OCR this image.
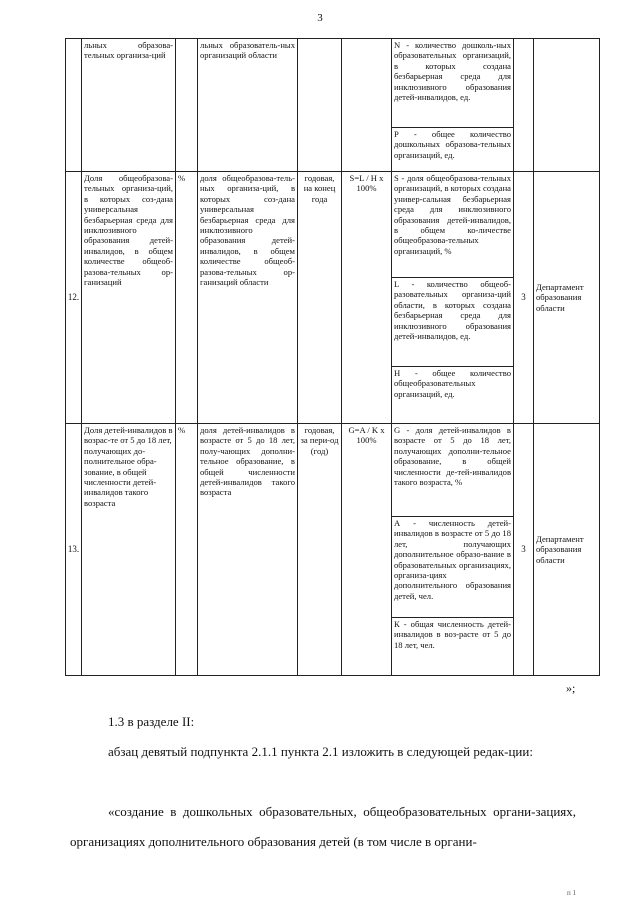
3
	льных образова-тельных организа-ций		льных образователь-ных организаций области			N - количество дошколь-ных образовательных организаций, в которых создана безбарьерная среда для инклюзивного образования детей-инвалидов, ед.
Р - общее количество дошкольных образова-тельных организаций, ед.		

12.	Доля общеобразова-тельных организа-ций, в которых соз-дана универсальная безбарьерная среда для инклюзивного образования детей-инвалидов, в общем количестве общеоб-разова-тельных ор-ганизаций	%	доля общеобразова-тель-ных организа-ций, в которых соз-дана универсальная безбарьерная среда для инклюзивного образования детей-инвалидов, в общем количестве общеоб-разова-тельных ор-ганизаций области	годовая, на конец года	S=L / H x 100%	S - доля общеобразова-тельных организаций, в которых создана универ-сальная безбарьерная среда для инклюзивного образования детей-инвалидов, в общем ко-личестве общеобразова-тельных организаций, %
L - количество общеоб-разовательных организа-ций области, в которых создана безбарьерная среда для инклюзивного образования детей-инвалидов, ед.
Н - общее количество общеобразовательных организаций, ед.	3	Департамент образования области
13.	Доля детей-инвалидов в возрас-те от 5 до 18 лет, получающих до-полнительное обра-зование, в общей численности детей-инвалидов такого возраста	%	доля детей-инвалидов в возрасте от 5 до 18 лет, полу-чающих дополни-тельное образование, в общей численности детей-инвалидов такого возраста	годовая, за пери-од (год)	G=A / K x 100%	G - доля детей-инвалидов в возрасте от 5 до 18 лет, получающих дополни-тельное образование, в общей численности де-тей-инвалидов такого возраста, %
А - численность детей-инвалидов в возрасте от 5 до 18 лет, получающих дополнительное образо-вание в образовательных организациях, организа-циях дополнительного образования детей, чел.
К - общая численность детей-инвалидов в воз-расте от 5 до 18 лет, чел.	3	Департамент образования области
»;
1.3 в разделе II:
абзац девятый подпункта 2.1.1 пункта 2.1 изложить в следующей редак-ции:
«создание в дошкольных образовательных, общеобразовательных органи-зациях, организациях дополнительного образования детей (в том числе в органи-
п 1
